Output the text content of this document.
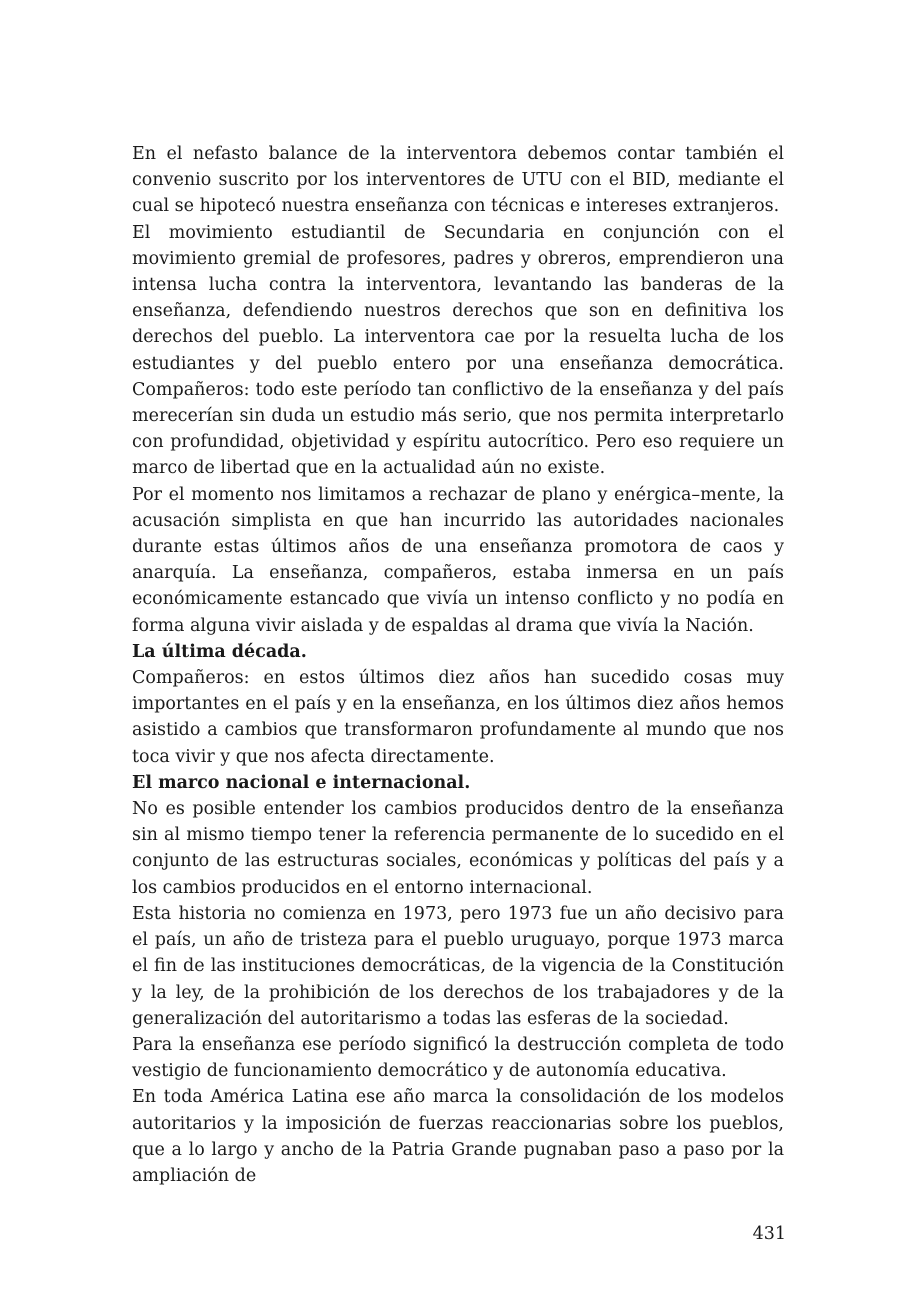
En el nefasto balance de la interventora debemos contar también el convenio suscrito por los interventores de UTU con el BID, mediante el cual se hipotecó nuestra enseñanza con técnicas e intereses extranjeros.

El movimiento estudiantil de Secundaria en conjunción con el movimiento gremial de profesores, padres y obreros, emprendieron una intensa lucha contra la interventora, levantando las banderas de la enseñanza, defendiendo nuestros derechos que son en definitiva los derechos del pueblo. La interventora cae por la resuelta lucha de los estudiantes y del pueblo entero por una enseñanza democrática. Compañeros: todo este período tan conflictivo de la enseñanza y del país merecerían sin duda un estudio más serio, que nos permita interpretarlo con profundidad, objetividad y espíritu autocrítico. Pero eso requiere un marco de libertad que en la actualidad aún no existe.

Por el momento nos limitamos a rechazar de plano y enérgica–mente, la acusación simplista en que han incurrido las autoridades nacionales durante estas últimos años de una enseñanza promotora de caos y anarquía. La enseñanza, compañeros, estaba inmersa en un país económicamente estancado que vivía un intenso conflicto y no podía en forma alguna vivir aislada y de espaldas al drama que vivía la Nación.

La última década.

Compañeros: en estos últimos diez años han sucedido cosas muy importantes en el país y en la enseñanza, en los últimos diez años hemos asistido a cambios que transformaron profundamente al mundo que nos toca vivir y que nos afecta directamente.

El marco nacional e internacional.

No es posible entender los cambios producidos dentro de la enseñanza sin al mismo tiempo tener la referencia permanente de lo sucedido en el conjunto de las estructuras sociales, económicas y políticas del país y a los cambios producidos en el entorno internacional.

Esta historia no comienza en 1973, pero 1973 fue un año decisivo para el país, un año de tristeza para el pueblo uruguayo, porque 1973 marca el fin de las instituciones democráticas, de la vigencia de la Constitución y la ley, de la prohibición de los derechos de los trabajadores y de la generalización del autoritarismo a todas las esferas de la sociedad.

Para la enseñanza ese período significó la destrucción completa de todo vestigio de funcionamiento democrático y de autonomía educativa.

En toda América Latina ese año marca la consolidación de los modelos autoritarios y la imposición de fuerzas reaccionarias sobre los pueblos, que a lo largo y ancho de la Patria Grande pugnaban paso a paso por la ampliación de

431
